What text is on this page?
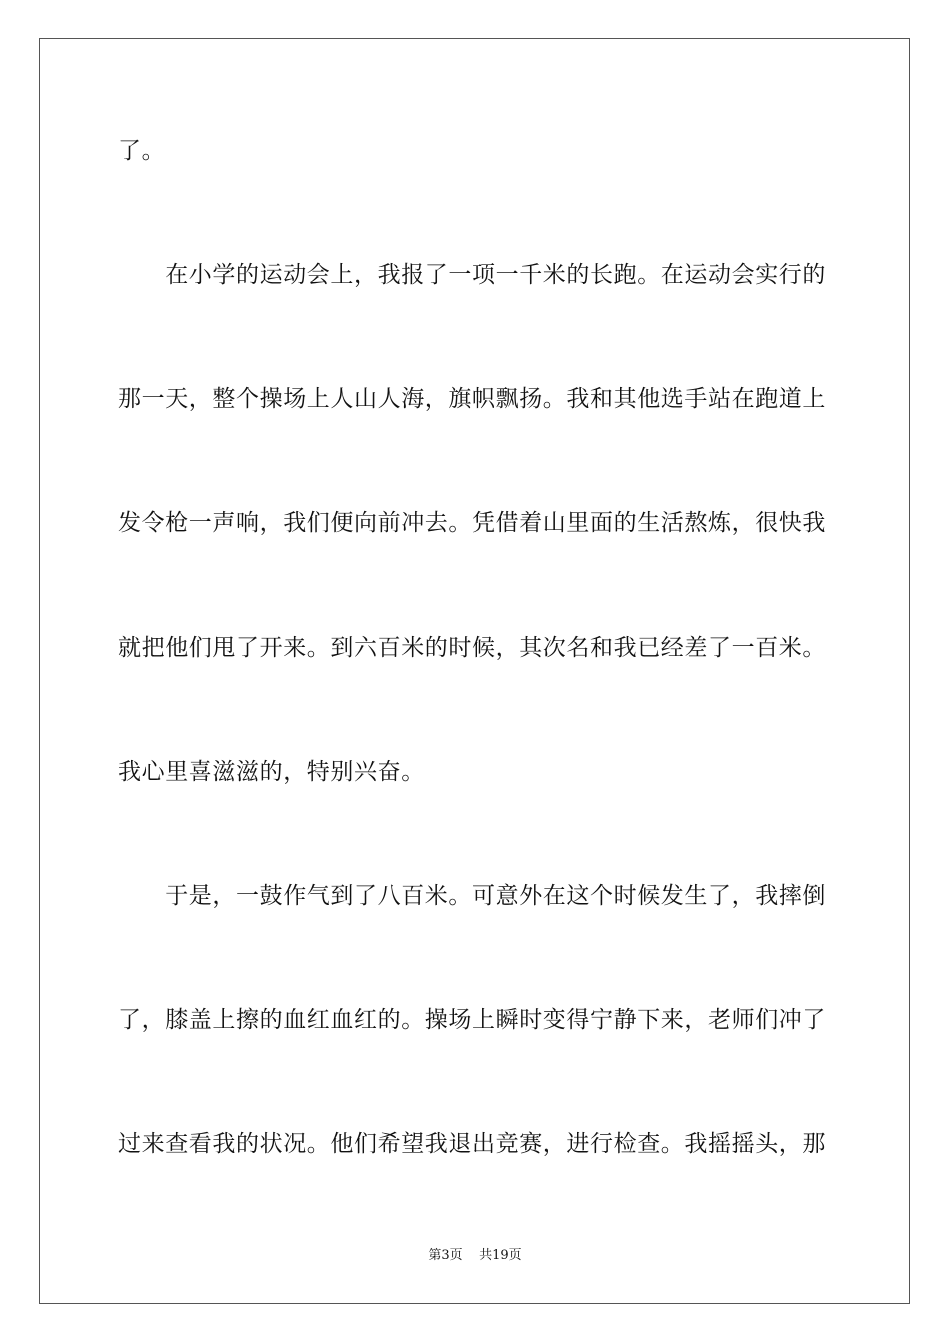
了。
　　在小学的运动会上，我报了一项一千米的长跑。在运动会实行的
那一天，整个操场上人山人海，旗帜飘扬。我和其他选手站在跑道上
发令枪一声响，我们便向前冲去。凭借着山里面的生活熬炼，很快我
就把他们甩了开来。到六百米的时候，其次名和我已经差了一百米。
我心里喜滋滋的，特别兴奋。
　　于是，一鼓作气到了八百米。可意外在这个时候发生了，我摔倒
了，膝盖上擦的血红血红的。操场上瞬时变得宁静下来，老师们冲了
过来查看我的状况。他们希望我退出竞赛，进行检查。我摇摇头，那
第3页 共19页
